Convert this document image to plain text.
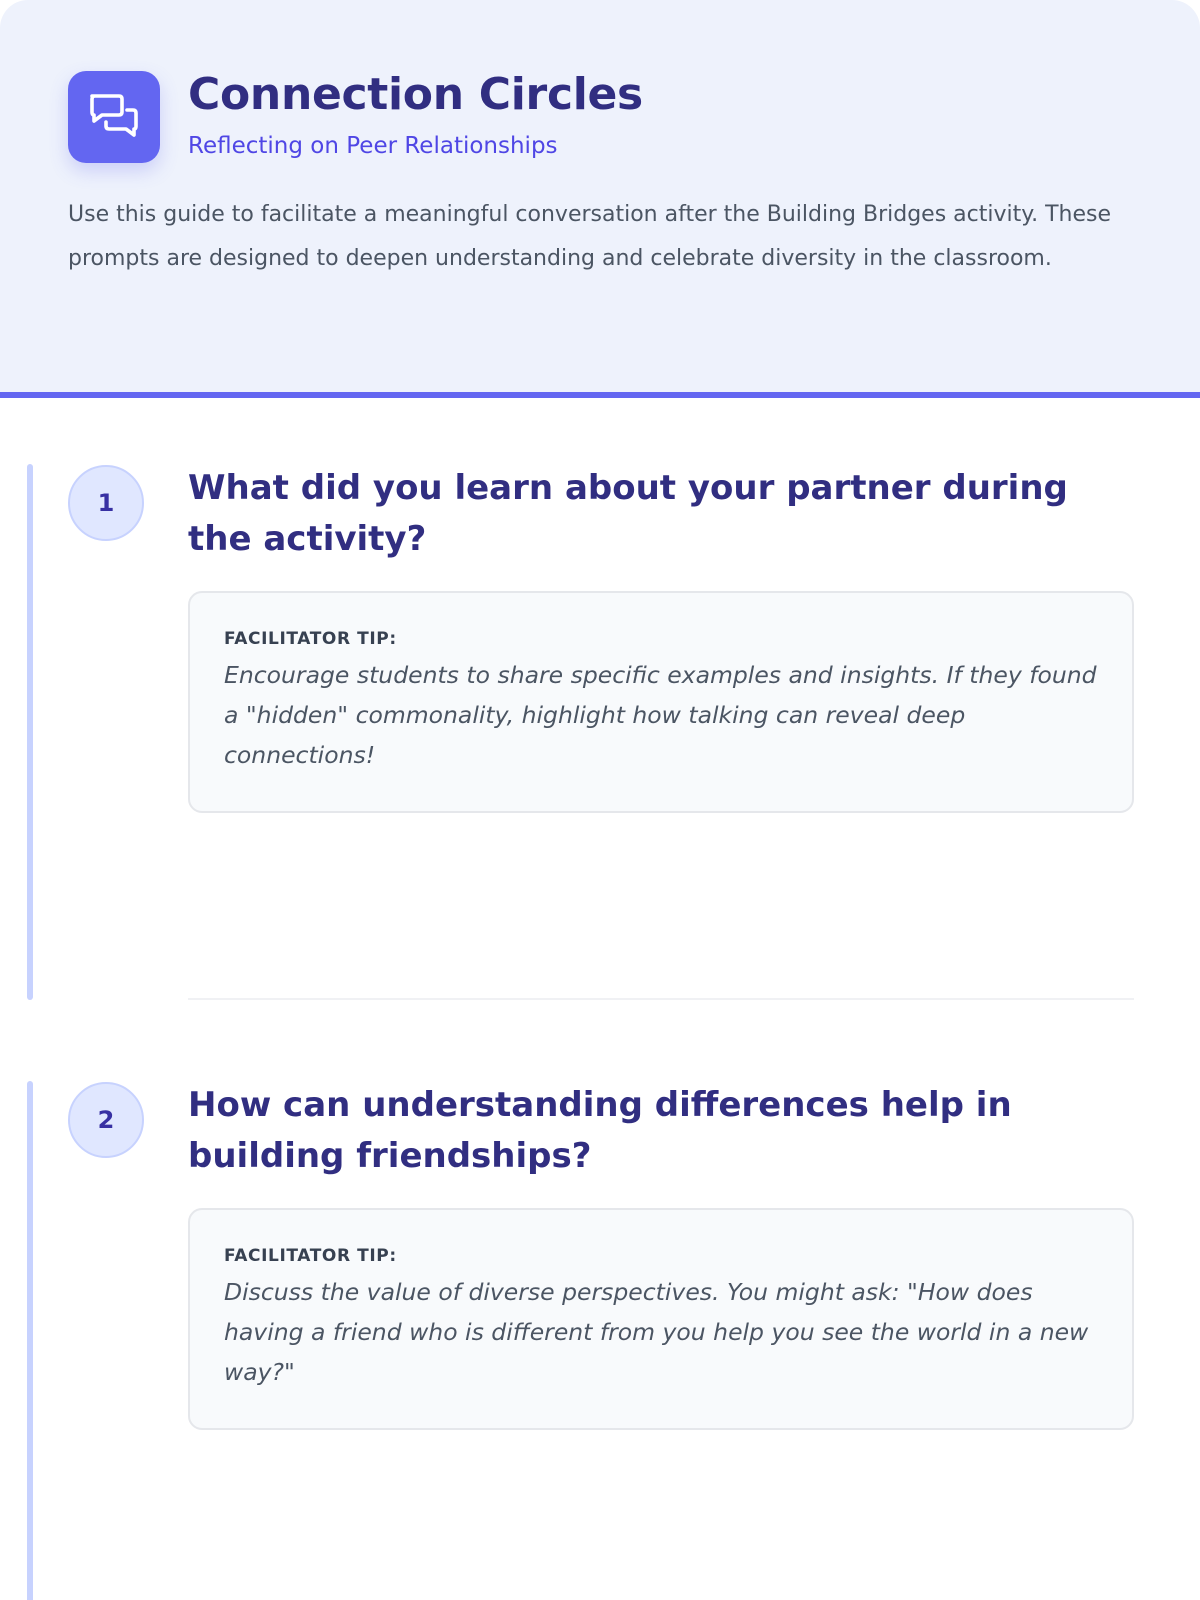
Connection Circles

Reflecting on Peer Relationships

Use this guide to facilitate a meaningful conversation after the Building Bridges activity. These prompts are designed to deepen understanding and celebrate diversity in the classroom.

1	What did you learn about your partner during the activity?

FACILITATOR TIP:

Encourage students to share specific examples and insights. If they found a "hidden" commonality, highlight how talking can reveal deep connections!

2	How can understanding differences help in building friendships?

FACILITATOR TIP:

Discuss the value of diverse perspectives. You might ask: "How does having a friend who is different from you help you see the world in a new way?"
